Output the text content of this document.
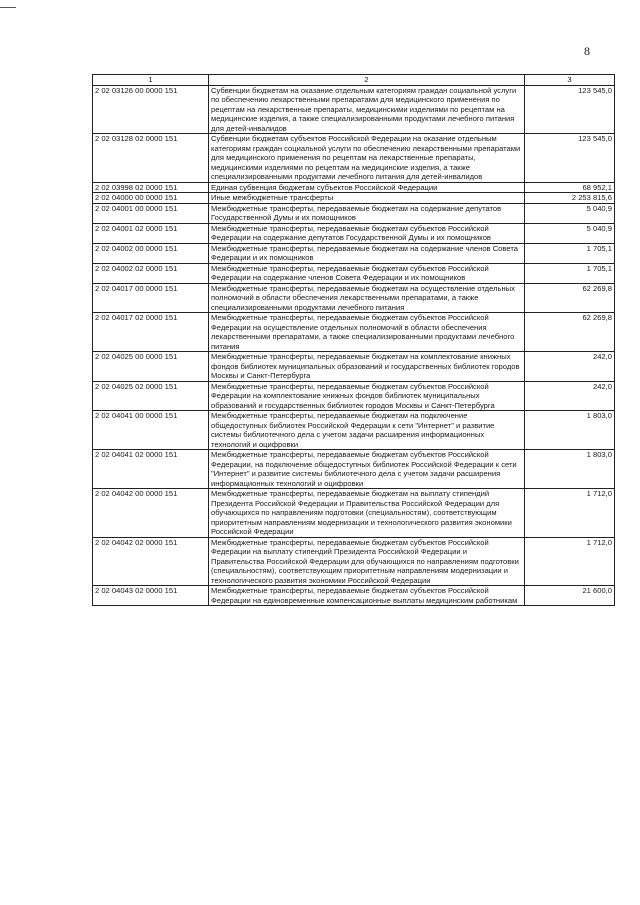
8
1	2	3
2 02 03126 00 0000 151	Субвенции бюджетам на оказание отдельным категориям граждан социальной услуги по обеспечению лекарственными препаратами для медицинского применения по рецептам на лекарственные препараты, медицинскими изделиями по рецептам на медицинские изделия, а также специализированными продуктами лечебного питания для детей-инвалидов	123 545,0
2 02 03128 02 0000 151	Субвенции бюджетам субъектов Российской Федерации на оказание отдельным категориям граждан социальной услуги по обеспечению лекарственными препаратами для медицинского применения по рецептам на лекарственные препараты, медицинскими изделиями по рецептам на медицинские изделия, а также специализированными продуктами лечебного питания для детей-инвалидов	123 545,0
2 02 03998 02 0000 151	Единая субвенция бюджетам субъектов Российской Федерации	68 952,1
2 02 04000 00 0000 151	Иные межбюджетные трансферты	2 253 815,6
2 02 04001 00 0000 151	Межбюджетные трансферты, передаваемые бюджетам на содержание депутатов Государственной Думы и их помощников	5 040,9
2 02 04001 02 0000 151	Межбюджетные трансферты, передаваемые бюджетам субъектов Российской Федерации на содержание депутатов Государственной Думы и их помощников	5 040,9
2 02 04002 00 0000 151	Межбюджетные трансферты, передаваемые бюджетам на содержание членов Совета Федерации и их помощников	1 705,1
2 02 04002 02 0000 151	Межбюджетные трансферты, передаваемые бюджетам субъектов Российской Федерации на содержание членов Совета Федерации и их помощников	1 705,1
2 02 04017 00 0000 151	Межбюджетные трансферты, передаваемые бюджетам на осуществление отдельных полномочий в области обеспечения лекарственными препаратами, а также специализированными продуктами лечебного питания	62 269,8
2 02 04017 02 0000 151	Межбюджетные трансферты, передаваемые бюджетам субъектов Российской Федерации на осуществление отдельных полномочий в области обеспечения лекарственными препаратами, а также специализированными продуктами лечебного питания	62 269,8
2 02 04025 00 0000 151	Межбюджетные трансферты, передаваемые бюджетам на комплектование книжных фондов библиотек муниципальных образований и государственных библиотек городов Москвы и Санкт-Петербурга	242,0
2 02 04025 02 0000 151	Межбюджетные трансферты, передаваемые бюджетам субъектов Российской Федерации на комплектование книжных фондов библиотек муниципальных образований и государственных библиотек городов Москвы и Санкт-Петербурга	242,0
2 02 04041 00 0000 151	Межбюджетные трансферты, передаваемые бюджетам на подключение общедоступных библиотек Российской Федерации к сети "Интернет" и развитие системы библиотечного дела с учетом задачи расширения информационных технологий и оцифровки	1 803,0
2 02 04041 02 0000 151	Межбюджетные трансферты, передаваемые бюджетам субъектов Российской Федерации, на подключение общедоступных библиотек Российской Федерации к сети "Интернет" и развитие системы библиотечного дела с учетом задачи расширения информационных технологий и оцифровки	1 803,0
2 02 04042 00 0000 151	Межбюджетные трансферты, передаваемые бюджетам на выплату стипендий Президента Российской Федерации и Правительства Российской Федерации для обучающихся по направлениям подготовки (специальностям), соответствующим приоритетным направлениям модернизации и технологического развития экономики Российской Федерации	1 712,0
2 02 04042 02 0000 151	Межбюджетные трансферты, передаваемые бюджетам субъектов Российской Федерации на выплату стипендий Президента Российской Федерации и Правительства Российской Федерации для обучающихся по направлениям подготовки (специальностям), соответствующим приоритетным направлениям модернизации и технологического развития экономики Российской Федерации	1 712,0
2 02 04043 02 0000 151	Межбюджетные трансферты, передаваемые бюджетам субъектов Российской Федерации на единовременные компенсационные выплаты медицинским работникам	21 600,0
